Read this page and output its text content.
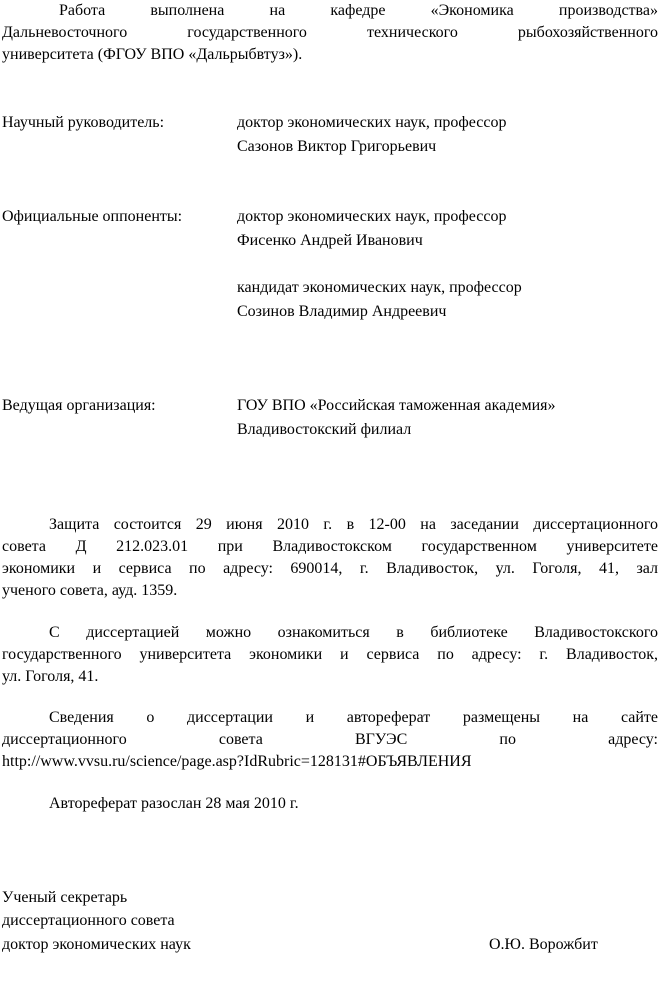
Работа выполнена на кафедре «Экономика производства»
Дальневосточного государственного технического рыбохозяйственного
университета (ФГОУ ВПО «Дальрыбвтуз»).
Научный руководитель:	доктор экономических наук, профессор
Сазонов Виктор Григорьевич
Официальные оппоненты:	доктор экономических наук, профессор
Фисенко Андрей Иванович
кандидат экономических наук, профессор
Созинов Владимир Андреевич
Ведущая организация:	ГОУ ВПО «Российская таможенная академия»
Владивостокский филиал
Защита состоится 29 июня 2010 г. в 12-00 на заседании диссертационного
совета Д 212.023.01 при Владивостокском государственном университете
экономики и сервиса по адресу: 690014, г. Владивосток, ул. Гоголя, 41, зал
ученого совета, ауд. 1359.
С диссертацией можно ознакомиться в библиотеке Владивостокского
государственного университета экономики и сервиса по адресу: г. Владивосток,
ул. Гоголя, 41.
Сведения о диссертации и автореферат размещены на сайте
диссертационного совета ВГУЭС по адресу:
http://www.vvsu.ru/science/page.asp?IdRubric=128131#ОБЪЯВЛЕНИЯ
Автореферат разослан 28 мая 2010 г.
Ученый секретарь
диссертационного совета
доктор экономических наук	О.Ю. Ворожбит
